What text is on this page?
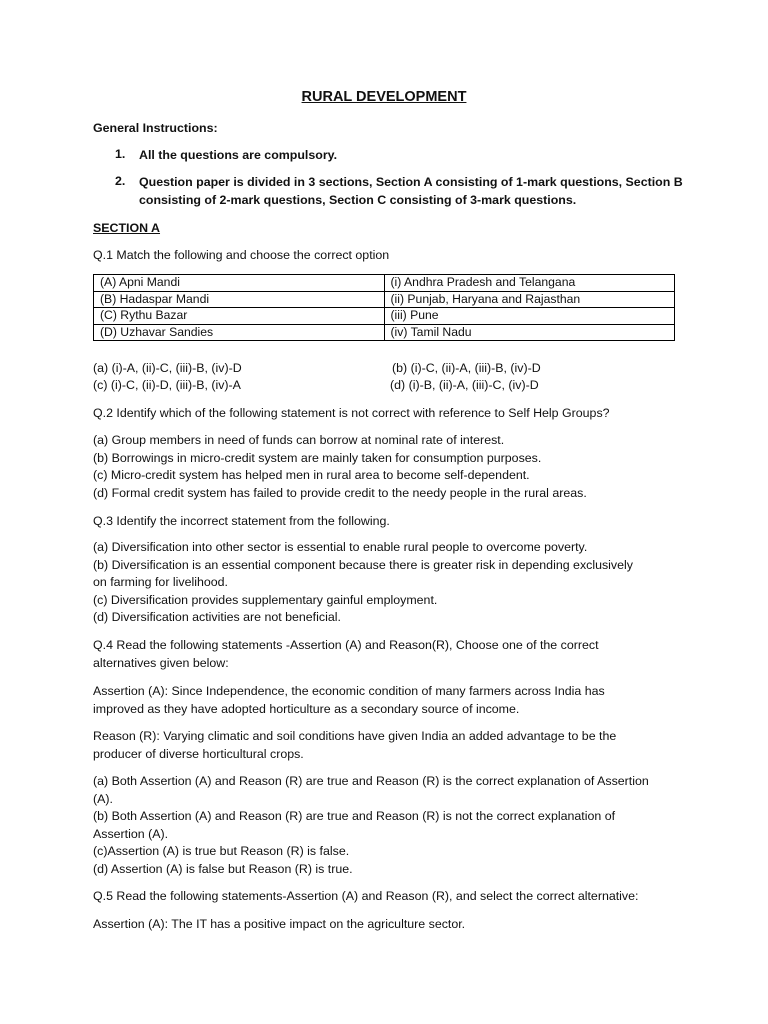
RURAL DEVELOPMENT
General Instructions:
1. All the questions are compulsory.
2. Question paper is divided in 3 sections, Section A consisting of 1-mark questions, Section B
consisting of 2-mark questions, Section C consisting of 3-mark questions.
SECTION A
Q.1 Match the following and choose the correct option
(A) Apni Mandi	(i) Andhra Pradesh and Telangana
(B) Hadaspar Mandi	(ii) Punjab, Haryana and Rajasthan
(C) Rythu Bazar	(iii) Pune
(D) Uzhavar Sandies	(iv) Tamil Nadu
(a) (i)-A, (ii)-C, (iii)-B, (iv)-D	(b) (i)-C, (ii)-A, (iii)-B, (iv)-D
(c) (i)-C, (ii)-D, (iii)-B, (iv)-A	(d) (i)-B, (ii)-A, (iii)-C, (iv)-D
Q.2 Identify which of the following statement is not correct with reference to Self Help Groups?
(a) Group members in need of funds can borrow at nominal rate of interest.
(b) Borrowings in micro-credit system are mainly taken for consumption purposes.
(c) Micro-credit system has helped men in rural area to become self-dependent.
(d) Formal credit system has failed to provide credit to the needy people in the rural areas.
Q.3 Identify the incorrect statement from the following.
(a) Diversification into other sector is essential to enable rural people to overcome poverty.
(b) Diversification is an essential component because there is greater risk in depending exclusively
on farming for livelihood.
(c) Diversification provides supplementary gainful employment.
(d) Diversification activities are not beneficial.
Q.4 Read the following statements -Assertion (A) and Reason(R), Choose one of the correct
alternatives given below:
Assertion (A): Since Independence, the economic condition of many farmers across India has
improved as they have adopted horticulture as a secondary source of income.
Reason (R): Varying climatic and soil conditions have given India an added advantage to be the
producer of diverse horticultural crops.
(a) Both Assertion (A) and Reason (R) are true and Reason (R) is the correct explanation of Assertion
(A).
(b) Both Assertion (A) and Reason (R) are true and Reason (R) is not the correct explanation of
Assertion (A).
(c)Assertion (A) is true but Reason (R) is false.
(d) Assertion (A) is false but Reason (R) is true.
Q.5 Read the following statements-Assertion (A) and Reason (R), and select the correct alternative:
Assertion (A): The IT has a positive impact on the agriculture sector.
